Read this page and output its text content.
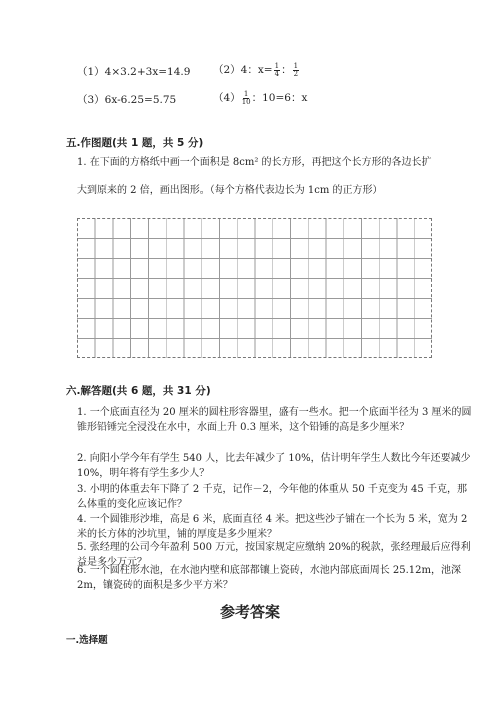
（1）4×3.2+3x=14.9 （2）4：$x= \frac{1}{4}$ ： $\frac{1}{2}$
（3）6x-6.25=5.75	$(4) \frac{1}{10}$ ：10=6：x
五.作图题(共 1 题，共 5 分)
1. 在下面的方格纸中画一个面积是 8cm² 的长方形，再把这个长方形的各边长扩
大到原来的 2 倍，画出图形。（每个方格代表边长为 1cm 的正方形）
六.解答题(共 6 题，共 31 分)
1. 一个底面直径为 20 厘米的圆柱形容器里，盛有一些水。把一个底面半径为 3 厘米的圆锥形铅锤完全浸没在水中，水面上升 0.3 厘米，这个铅锤的高是多少厘米？
2. 向阳小学今年有学生 540 人，比去年减少了 10%，估计明年学生人数比今年还要减少 10%，明年将有学生多少人？
3. 小明的体重去年下降了 2 千克，记作－2，今年他的体重从 50 千克变为 45 千克，那么体重的变化应该记作？
4. 一个圆锥形沙堆，高是 6 米，底面直径 4 米。把这些沙子铺在一个长为 5 米，宽为 2 米的长方体的沙坑里，铺的厚度是多少厘米？
5. 张经理的公司今年盈利 500 万元，按国家规定应缴纳 20%的税款，张经理最后应得利益是多少万元？
6. 一个圆柱形水池，在水池内壁和底部都镶上瓷砖，水池内部底面周长 25.12m，池深 2m，镶瓷砖的面积是多少平方米？
参考答案
一.选择题
